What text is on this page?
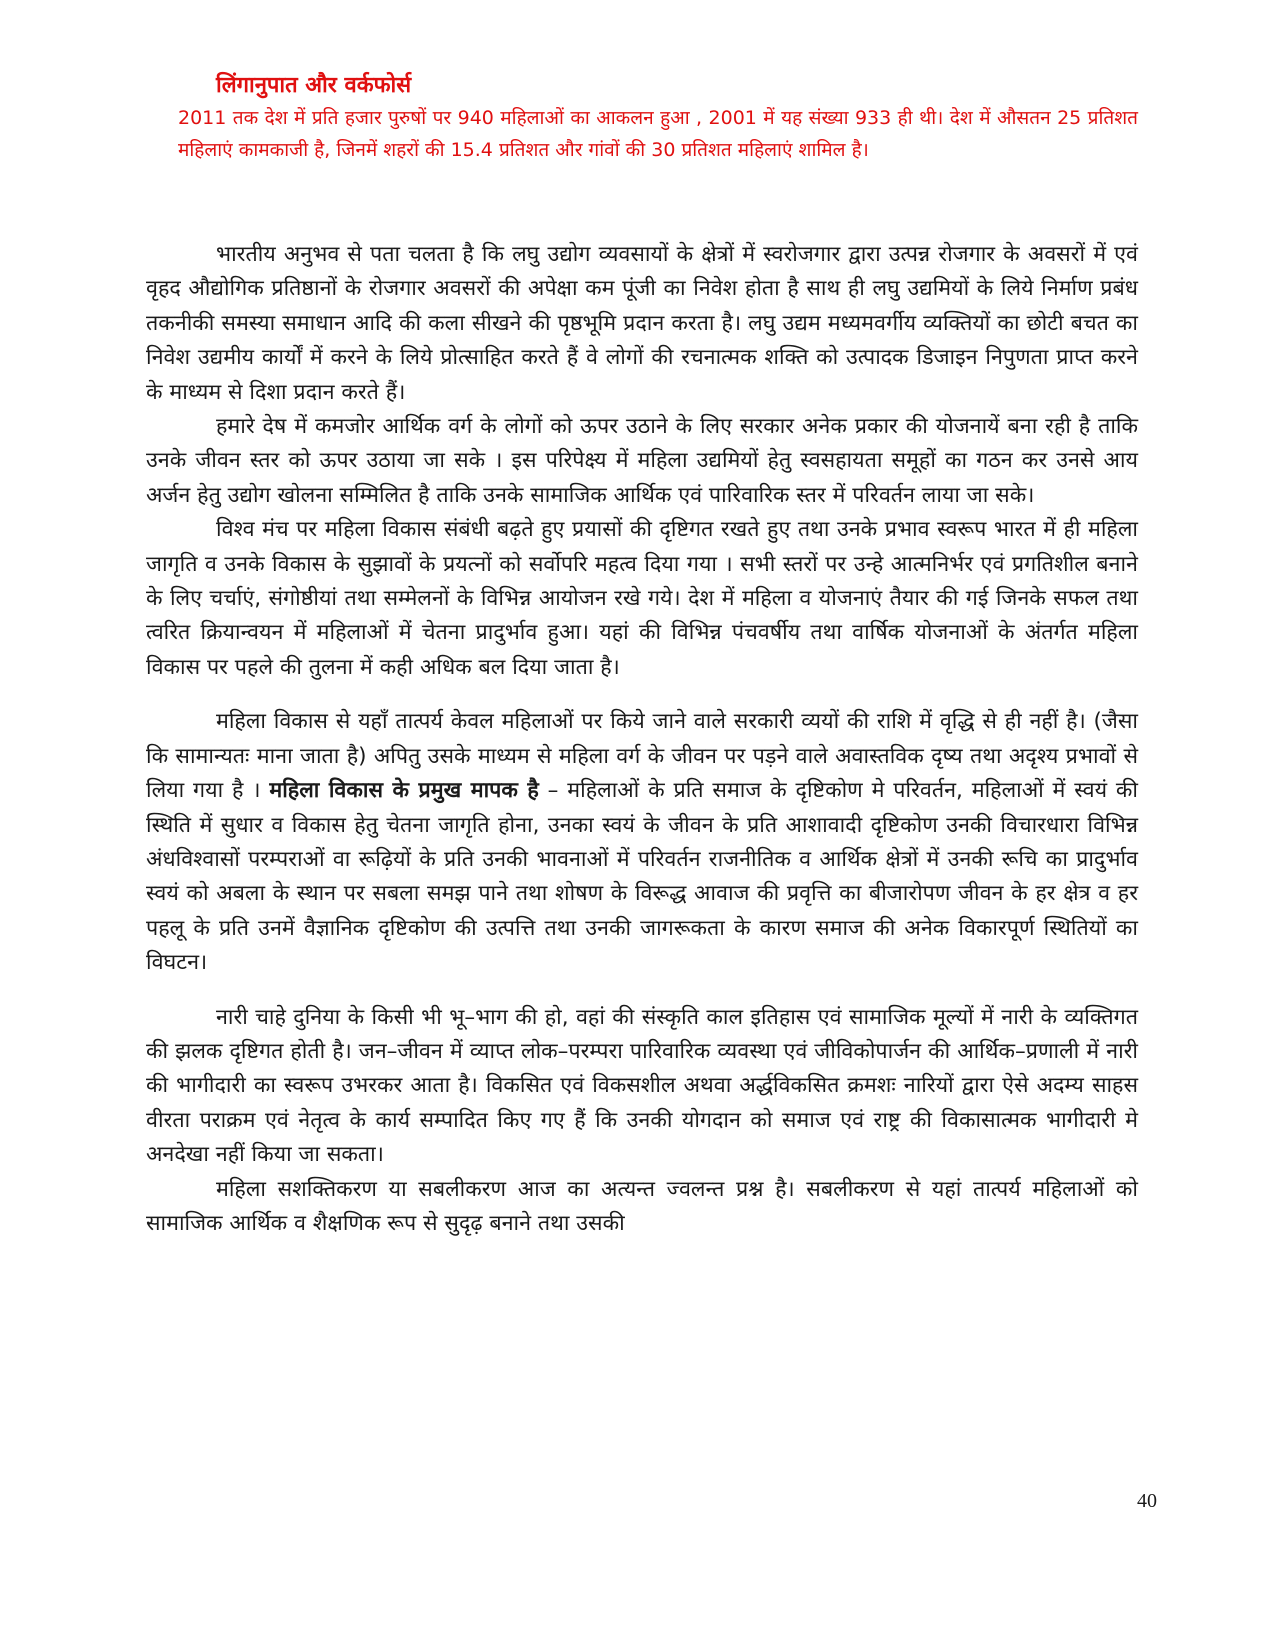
लिंगानुपात और वर्कफोर्स

2011 तक देश में प्रति हजार पुरुषों पर 940 महिलाओं का आकलन हुआ , 2001 में यह संख्या 933 ही थी। देश में औसतन 25 प्रतिशत महिलाएं कामकाजी है, जिनमें शहरों की 15.4 प्रतिशत और गांवों की 30 प्रतिशत महिलाएं शामिल है।

भारतीय अनुभव से पता चलता है कि लघु उद्योग व्यवसायों के क्षेत्रों में स्वरोजगार द्वारा उत्पन्न रोजगार के अवसरों में एवं वृहद औद्योगिक प्रतिष्ठानों के रोजगार अवसरों की अपेक्षा कम पूंजी का निवेश होता है साथ ही लघु उद्यमियों के लिये निर्माण प्रबंध तकनीकी समस्या समाधान आदि की कला सीखने की पृष्ठभूमि प्रदान करता है। लघु उद्यम मध्यमवर्गीय व्यक्तियों का छोटी बचत का निवेश उद्यमीय कार्यों में करने के लिये प्रोत्साहित करते हैं वे लोगों की रचनात्मक शक्ति को उत्पादक डिजाइन निपुणता प्राप्त करने के माध्यम से दिशा प्रदान करते हैं।

हमारे देष में कमजोर आर्थिक वर्ग के लोगों को ऊपर उठाने के लिए सरकार अनेक प्रकार की योजनायें बना रही है ताकि उनके जीवन स्तर को ऊपर उठाया जा सके । इस परिपेक्ष्य में महिला उद्यमियों हेतु स्वसहायता समूहों का गठन कर उनसे आय अर्जन हेतु उद्योग खोलना सम्मिलित है ताकि उनके सामाजिक आर्थिक एवं पारिवारिक स्तर में परिवर्तन लाया जा सके।

विश्व मंच पर महिला विकास संबंधी बढ़ते हुए प्रयासों की दृष्टिगत रखते हुए तथा उनके प्रभाव स्वरूप भारत में ही महिला जागृति व उनके विकास के सुझावों के प्रयत्नों को सर्वोपरि महत्व दिया गया । सभी स्तरों पर उन्हे आत्मनिर्भर एवं प्रगतिशील बनाने के लिए चर्चाएं, संगोष्ठीयां तथा सम्मेलनों के विभिन्न आयोजन रखे गये। देश में महिला व योजनाएं तैयार की गई जिनके सफल तथा त्वरित क्रियान्वयन में महिलाओं में चेतना प्रादुर्भाव हुआ। यहां की विभिन्न पंचवर्षीय तथा वार्षिक योजनाओं के अंतर्गत महिला विकास पर पहले की तुलना में कही अधिक बल दिया जाता है।

महिला विकास से यहाँ तात्पर्य केवल महिलाओं पर किये जाने वाले सरकारी व्ययों की राशि में वृद्धि से ही नहीं है। (जैसा कि सामान्यतः माना जाता है) अपितु उसके माध्यम से महिला वर्ग के जीवन पर पड़ने वाले अवास्तविक दृष्य तथा अदृश्य प्रभावों से लिया गया है । महिला विकास के प्रमुख मापक है – महिलाओं के प्रति समाज के दृष्टिकोण मे परिवर्तन, महिलाओं में स्वयं की स्थिति में सुधार व विकास हेतु चेतना जागृति होना, उनका स्वयं के जीवन के प्रति आशावादी दृष्टिकोण उनकी विचारधारा विभिन्न अंधविश्वासों परम्पराओं वा रूढ़ियों के प्रति उनकी भावनाओं में परिवर्तन राजनीतिक व आर्थिक क्षेत्रों में उनकी रूचि का प्रादुर्भाव स्वयं को अबला के स्थान पर सबला समझ पाने तथा शोषण के विरूद्ध आवाज की प्रवृत्ति का बीजारोपण जीवन के हर क्षेत्र व हर पहलू के प्रति उनमें वैज्ञानिक दृष्टिकोण की उत्पत्ति तथा उनकी जागरूकता के कारण समाज की अनेक विकारपूर्ण स्थितियों का विघटन।

नारी चाहे दुनिया के किसी भी भू–भाग की हो, वहां की संस्कृति काल इतिहास एवं सामाजिक मूल्यों में नारी के व्यक्तिगत की झलक दृष्टिगत होती है। जन–जीवन में व्याप्त लोक–परम्परा पारिवारिक व्यवस्था एवं जीविकोपार्जन की आर्थिक–प्रणाली में नारी की भागीदारी का स्वरूप उभरकर आता है। विकसित एवं विकसशील अथवा अर्द्धविकसित क्रमशः नारियों द्वारा ऐसे अदम्य साहस वीरता पराक्रम एवं नेतृत्व के कार्य सम्पादित किए गए हैं कि उनकी योगदान को समाज एवं राष्ट्र की विकासात्मक भागीदारी मे अनदेखा नहीं किया जा सकता।

महिला सशक्तिकरण या सबलीकरण आज का अत्यन्त ज्वलन्त प्रश्न है। सबलीकरण से यहां तात्पर्य महिलाओं को सामाजिक आर्थिक व शैक्षणिक रूप से सुदृढ़ बनाने तथा उसकी

40
